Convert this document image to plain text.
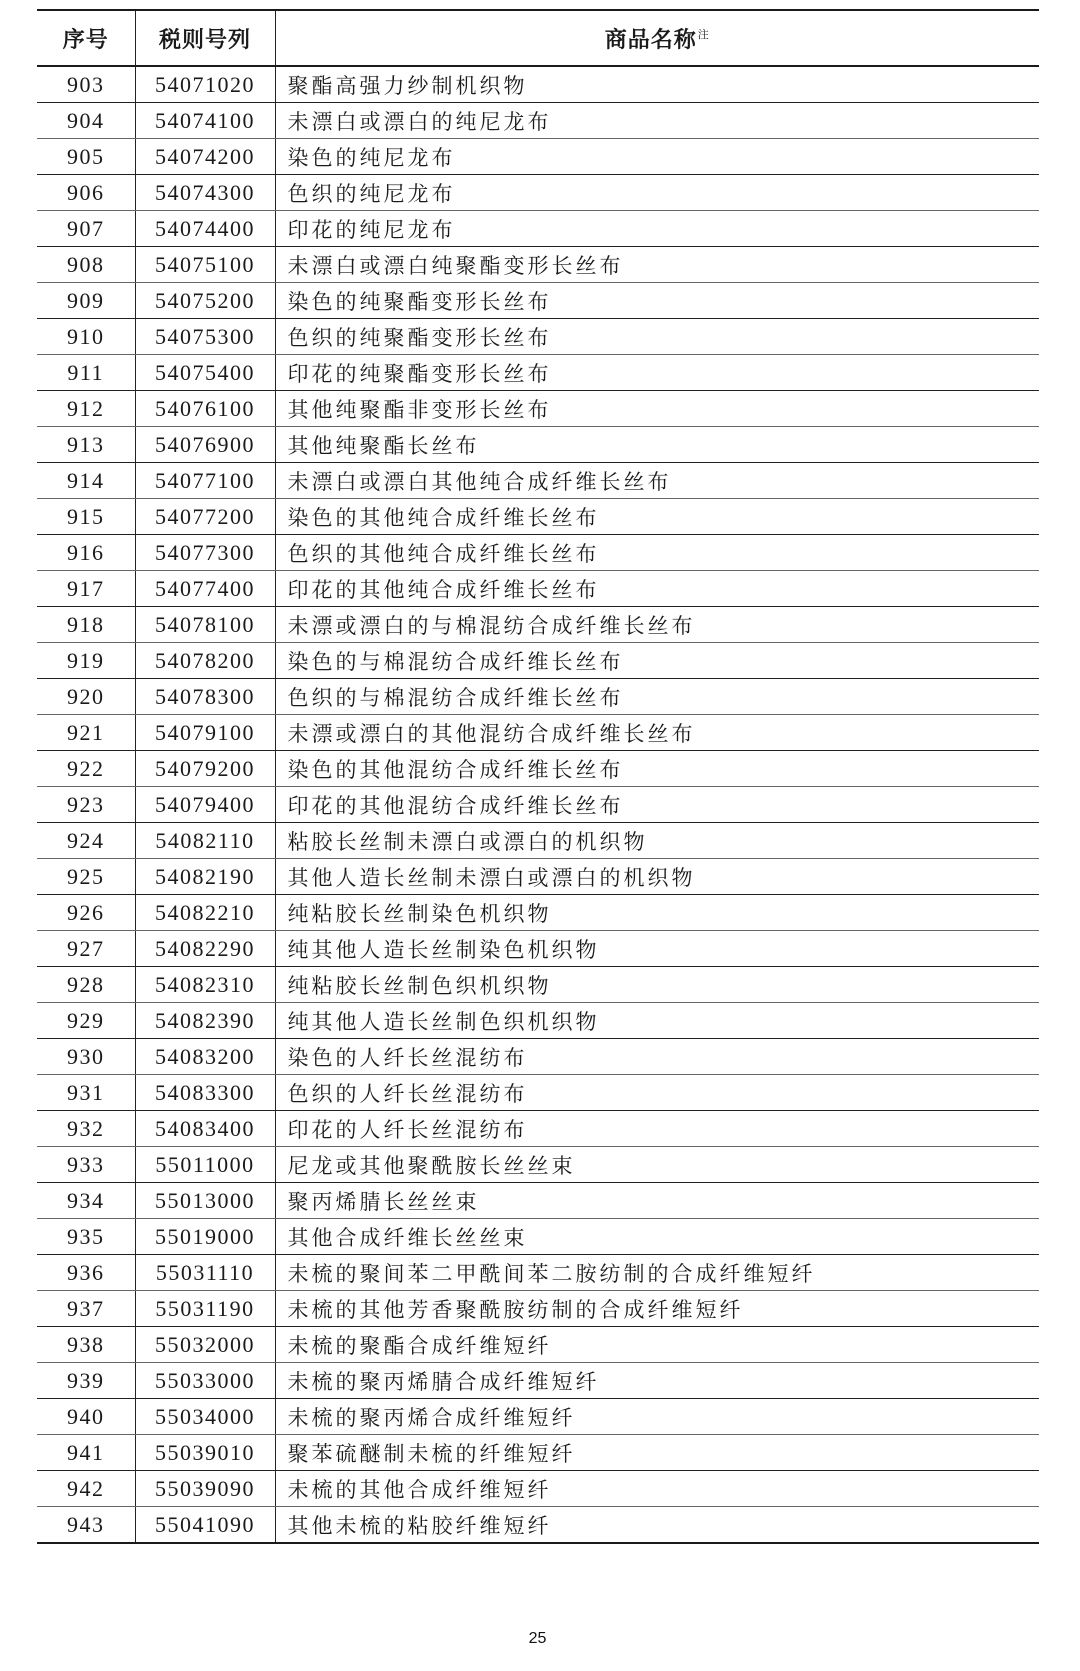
序号	税则号列	商品名称$^注$
903	54071020	聚酯高强力纱制机织物
904	54074100	未漂白或漂白的纯尼龙布
905	54074200	染色的纯尼龙布
906	54074300	色织的纯尼龙布
907	54074400	印花的纯尼龙布
908	54075100	未漂白或漂白纯聚酯变形长丝布
909	54075200	染色的纯聚酯变形长丝布
910	54075300	色织的纯聚酯变形长丝布
911	54075400	印花的纯聚酯变形长丝布
912	54076100	其他纯聚酯非变形长丝布
913	54076900	其他纯聚酯长丝布
914	54077100	未漂白或漂白其他纯合成纤维长丝布
915	54077200	染色的其他纯合成纤维长丝布
916	54077300	色织的其他纯合成纤维长丝布
917	54077400	印花的其他纯合成纤维长丝布
918	54078100	未漂或漂白的与棉混纺合成纤维长丝布
919	54078200	染色的与棉混纺合成纤维长丝布
920	54078300	色织的与棉混纺合成纤维长丝布
921	54079100	未漂或漂白的其他混纺合成纤维长丝布
922	54079200	染色的其他混纺合成纤维长丝布
923	54079400	印花的其他混纺合成纤维长丝布
924	54082110	粘胶长丝制未漂白或漂白的机织物
925	54082190	其他人造长丝制未漂白或漂白的机织物
926	54082210	纯粘胶长丝制染色机织物
927	54082290	纯其他人造长丝制染色机织物
928	54082310	纯粘胶长丝制色织机织物
929	54082390	纯其他人造长丝制色织机织物
930	54083200	染色的人纤长丝混纺布
931	54083300	色织的人纤长丝混纺布
932	54083400	印花的人纤长丝混纺布
933	55011000	尼龙或其他聚酰胺长丝丝束
934	55013000	聚丙烯腈长丝丝束
935	55019000	其他合成纤维长丝丝束
936	55031110	未梳的聚间苯二甲酰间苯二胺纺制的合成纤维短纤
937	55031190	未梳的其他芳香聚酰胺纺制的合成纤维短纤
938	55032000	未梳的聚酯合成纤维短纤
939	55033000	未梳的聚丙烯腈合成纤维短纤
940	55034000	未梳的聚丙烯合成纤维短纤
941	55039010	聚苯硫醚制未梳的纤维短纤
942	55039090	未梳的其他合成纤维短纤
943	55041090	其他未梳的粘胶纤维短纤
25
